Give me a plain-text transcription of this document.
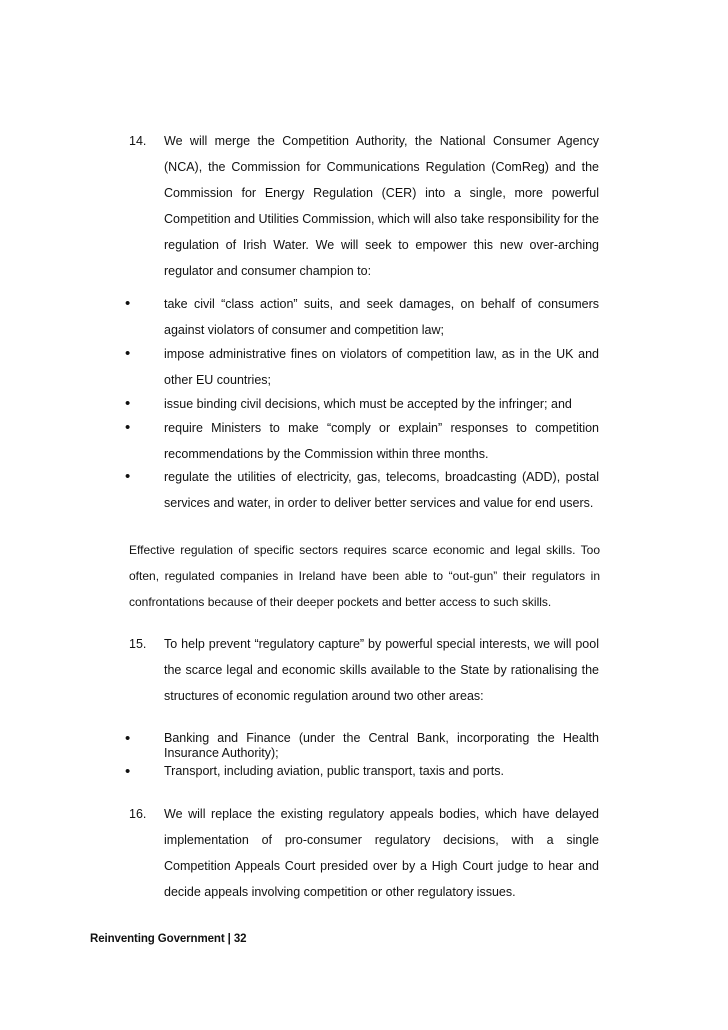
14. We will merge the Competition Authority, the National Consumer Agency (NCA), the Commission for Communications Regulation (ComReg) and the Commission for Energy Regulation (CER) into a single, more powerful Competition and Utilities Commission, which will also take responsibility for the regulation of Irish Water. We will seek to empower this new over-arching regulator and consumer champion to:
•	take civil “class action” suits, and seek damages, on behalf of consumers against violators of consumer and competition law;
•	impose administrative fines on violators of competition law, as in the UK and other EU countries;
•	issue binding civil decisions, which must be accepted by the infringer; and
•	require Ministers to make “comply or explain” responses to competition recommendations by the Commission within three months.
•	regulate the utilities of electricity, gas, telecoms, broadcasting (ADD), postal services and water, in order to deliver better services and value for end users.
Effective regulation of specific sectors requires scarce economic and legal skills. Too often, regulated companies in Ireland have been able to “out-gun” their regulators in confrontations because of their deeper pockets and better access to such skills.
15. To help prevent “regulatory capture” by powerful special interests, we will pool the scarce legal and economic skills available to the State by rationalising the structures of economic regulation around two other areas:
•	Banking and Finance (under the Central Bank, incorporating the Health Insurance Authority);
•	Transport, including aviation, public transport, taxis and ports.
16. We will replace the existing regulatory appeals bodies, which have delayed implementation of pro-consumer regulatory decisions, with a single Competition Appeals Court presided over by a High Court judge to hear and decide appeals involving competition or other regulatory issues.
Reinventing Government | 32
